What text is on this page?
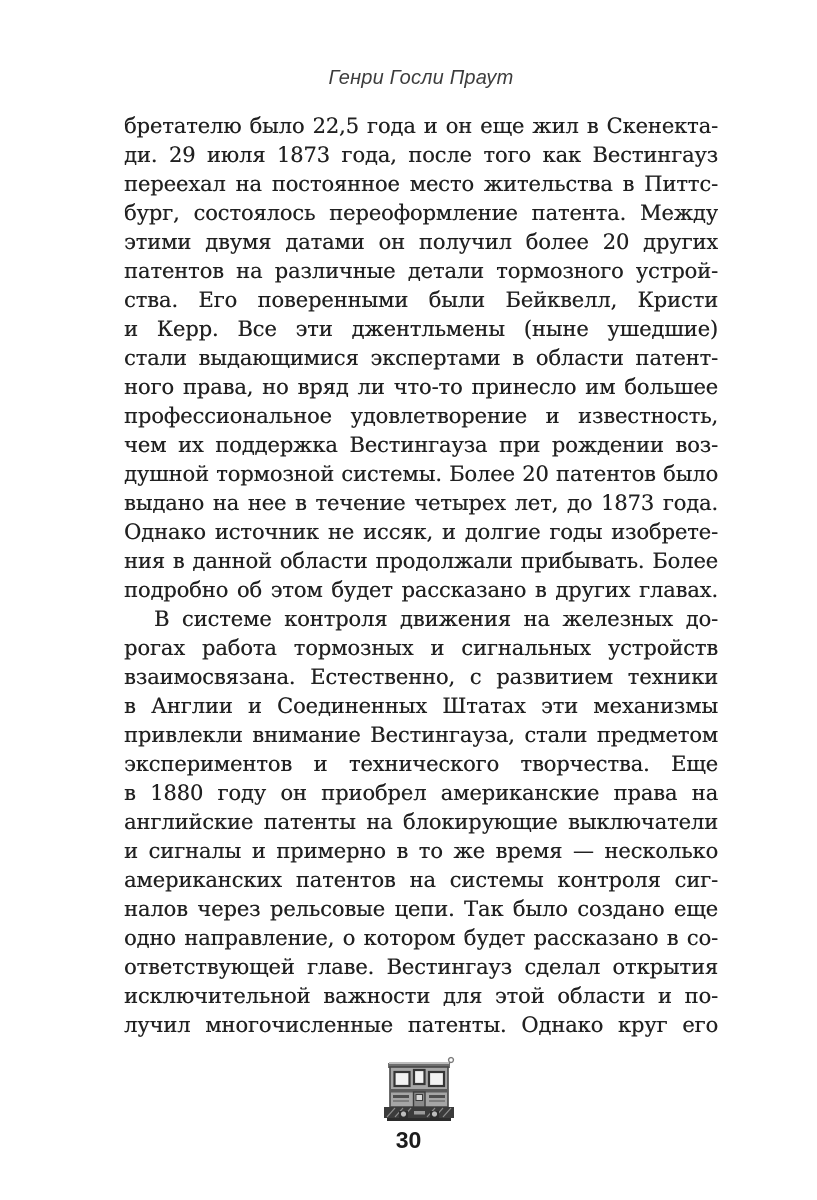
Генри Госли Праут
бретателю было 22,5 года и он еще жил в Скенекта-
ди. 29 июля 1873 года, после того как Вестингауз
переехал на постоянное место жительства в Питтс-
бург, состоялось переоформление патента. Между
этими двумя датами он получил более 20 других
патентов на различные детали тормозного устрой-
ства. Его поверенными были Бейквелл, Кристи
и Керр. Все эти джентльмены (ныне ушедшие)
стали выдающимися экспертами в области патент-
ного права, но вряд ли что-то принесло им большее
профессиональное удовлетворение и известность,
чем их поддержка Вестингауза при рождении воз-
душной тормозной системы. Более 20 патентов было
выдано на нее в течение четырех лет, до 1873 года.
Однако источник не иссяк, и долгие годы изобрете-
ния в данной области продолжали прибывать. Более
подробно об этом будет рассказано в других главах.
В системе контроля движения на железных до-
рогах работа тормозных и сигнальных устройств
взаимосвязана. Естественно, с развитием техники
в Англии и Соединенных Штатах эти механизмы
привлекли внимание Вестингауза, стали предметом
экспериментов и технического творчества. Еще
в 1880 году он приобрел американские права на
английские патенты на блокирующие выключатели
и сигналы и примерно в то же время — несколько
американских патентов на системы контроля сиг-
налов через рельсовые цепи. Так было создано еще
одно направление, о котором будет рассказано в со-
ответствующей главе. Вестингауз сделал открытия
исключительной важности для этой области и по-
лучил многочисленные патенты. Однако круг его
30
